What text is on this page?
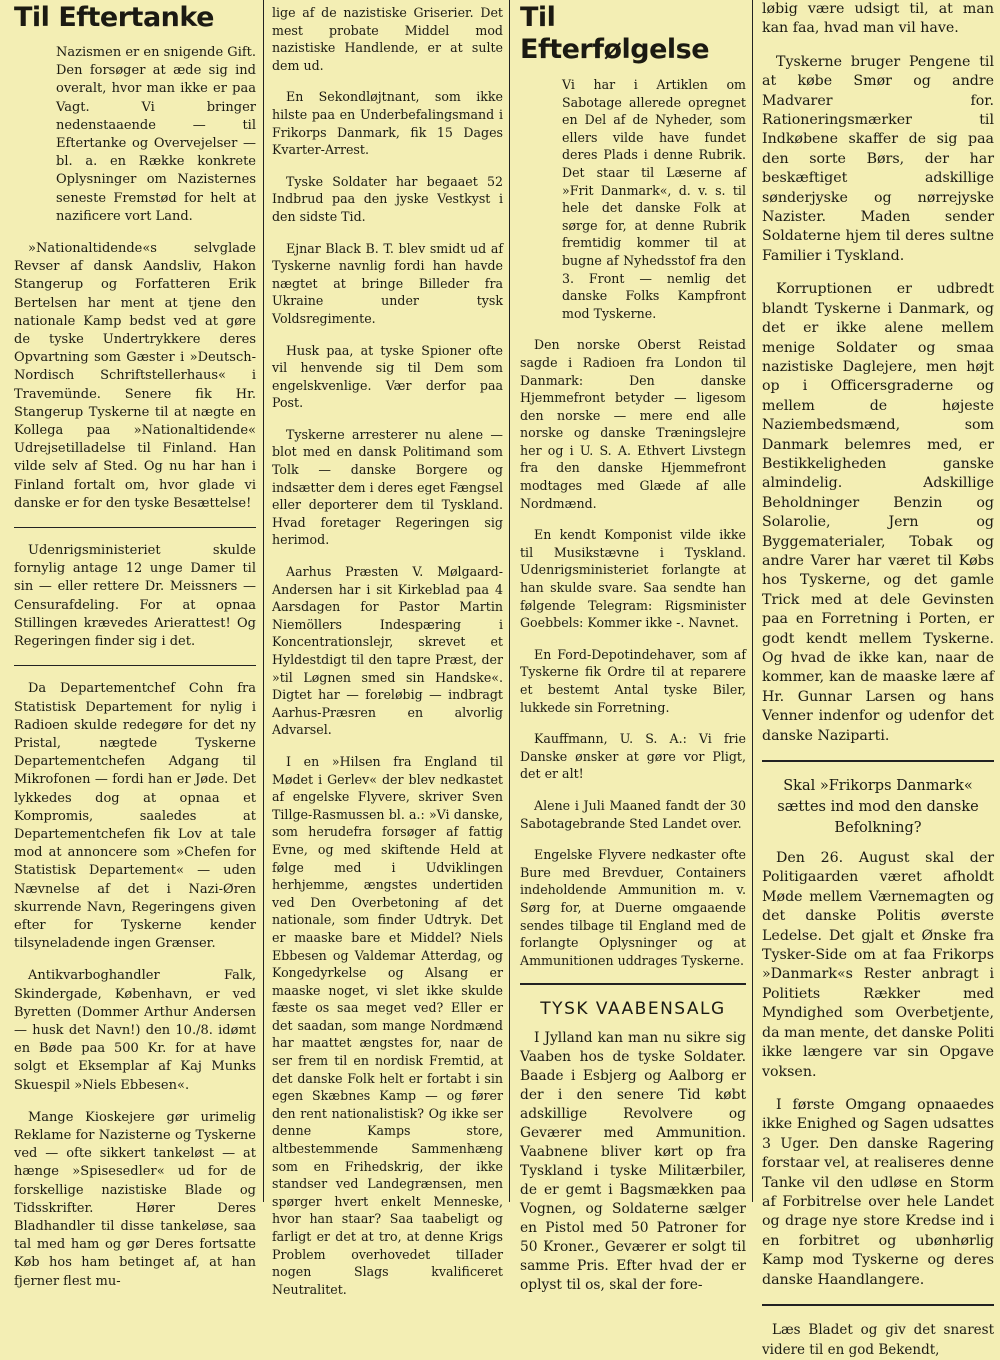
Til Eftertanke

Nazismen er en snigende Gift. Den forsøger at æde sig ind overalt, hvor man ikke er paa Vagt. Vi bringer nedenstaaende — til Eftertanke og Overvejelser — bl. a. en Række konkrete Oplysninger om Nazisternes seneste Fremstød for helt at nazificere vort Land.

»Nationaltidende«s selvglade Revser af dansk Aandsliv, Hakon Stangerup og Forfatteren Erik Bertelsen har ment at tjene den nationale Kamp bedst ved at gøre de tyske Undertrykkere deres Opvartning som Gæster i »Deutsch-Nordisch Schriftstellerhaus« i Travemünde. Senere fik Hr. Stangerup Tyskerne til at nægte en Kollega paa »Nationaltidende« Udrejsetilladelse til Finland. Han vilde selv af Sted. Og nu har han i Finland fortalt om, hvor glade vi danske er for den tyske Besættelse!

Udenrigsministeriet skulde fornylig antage 12 unge Damer til sin — eller rettere Dr. Meissners — Censurafdeling. For at opnaa Stillingen krævedes Arierattest! Og Regeringen finder sig i det.

Da Departementchef Cohn fra Statistisk Departement for nylig i Radioen skulde redegøre for det ny Pristal, nægtede Tyskerne Departementchefen Adgang til Mikrofonen — fordi han er Jøde. Det lykkedes dog at opnaa et Kompromis, saaledes at Departementchefen fik Lov at tale mod at annoncere som »Chefen for Statistisk Departement« — uden Nævnelse af det i Nazi-Øren skurrende Navn, Regeringens given efter for Tyskerne kender tilsyneladende ingen Grænser.

Antikvarboghandler Falk, Skindergade, København, er ved Byretten (Dommer Arthur Andersen — husk det Navn!) den 10./8. idømt en Bøde paa 500 Kr. for at have solgt et Eksemplar af Kaj Munks Skuespil »Niels Ebbesen«.

Mange Kioskejere gør urimelig Reklame for Nazisterne og Tyskerne ved — ofte sikkert tankeløst — at hænge »Spisesedler« ud for de forskellige nazistiske Blade og Tidsskrifter. Hører Deres Bladhandler til disse tankeløse, saa tal med ham og gør Deres fortsatte Køb hos ham betinget af, at han fjerner flest mu-

lige af de nazistiske Griserier. Det mest probate Middel mod nazistiske Handlende, er at sulte dem ud.

En Sekondløjtnant, som ikke hilste paa en Underbefalingsmand i Frikorps Danmark, fik 15 Dages Kvarter-Arrest.

Tyske Soldater har begaaet 52 Indbrud paa den jyske Vestkyst i den sidste Tid.

Ejnar Black B. T. blev smidt ud af Tyskerne navnlig fordi han havde nægtet at bringe Billeder fra Ukraine under tysk Voldsregimente.

Husk paa, at tyske Spioner ofte vil henvende sig til Dem som engelskvenlige. Vær derfor paa Post.

Tyskerne arresterer nu alene — blot med en dansk Politimand som Tolk — danske Borgere og indsætter dem i deres eget Fængsel eller deporterer dem til Tyskland. Hvad foretager Regeringen sig herimod.

Aarhus Præsten V. Mølgaard-Andersen har i sit Kirkeblad paa 4 Aarsdagen for Pastor Martin Niemöllers Indespæring i Koncentrationslejr, skrevet et Hyldestdigt til den tapre Præst, der »til Løgnen smed sin Handske«. Digtet har — foreløbig — indbragt Aarhus-Præsren en alvorlig Advarsel.

I en »Hilsen fra England til Mødet i Gerlev« der blev nedkastet af engelske Flyvere, skriver Sven Tillge-Rasmussen bl. a.: »Vi danske, som herudefra forsøger af fattig Evne, og med skiftende Held at følge med i Udviklingen herhjemme, ængstes undertiden ved Den Overbetoning af det nationale, som finder Udtryk. Det er maaske bare et Middel? Niels Ebbesen og Valdemar Atterdag, og Kongedyrkelse og Alsang er maaske noget, vi slet ikke skulde fæste os saa meget ved? Eller er det saadan, som mange Nordmænd har maattet ængstes for, naar de ser frem til en nordisk Fremtid, at det danske Folk helt er fortabt i sin egen Skæbnes Kamp — og fører den rent nationalistisk? Og ikke ser denne Kamps store, altbestemmende Sammenhæng som en Frihedskrig, der ikke standser ved Landegrænsen, men spørger hvert enkelt Menneske, hvor han staar? Saa taabeligt og farligt er det at tro, at denne Krigs Problem overhovedet tilIader nogen Slags kvalificeret Neutralitet.

Til Efterfølgelse

Vi har i Artiklen om Sabotage allerede opregnet en Del af de Nyheder, som ellers vilde have fundet deres Plads i denne Rubrik. Det staar til Læserne af »Frit Danmark«, d. v. s. til hele det danske Folk at sørge for, at denne Rubrik fremtidig kommer til at bugne af Nyhedsstof fra den 3. Front — nemlig det danske Folks Kampfront mod Tyskerne.

Den norske Oberst Reistad sagde i Radioen fra London til Danmark: Den danske Hjemmefront betyder — ligesom den norske — mere end alle norske og danske Træningslejre her og i U. S. A. Ethvert Livstegn fra den danske Hjemmefront modtages med Glæde af alle Nordmænd.

En kendt Komponist vilde ikke til Musikstævne i Tyskland. Udenrigsministeriet forlangte at han skulde svare. Saa sendte han følgende Telegram: Rigsminister Goebbels: Kommer ikke -. Navnet.

En Ford-Depotindehaver, som af Tyskerne fik Ordre til at reparere et bestemt Antal tyske Biler, lukkede sin Forretning.

Kauffmann, U. S. A.: Vi frie Danske ønsker at gøre vor Pligt, det er alt!

Alene i Juli Maaned fandt der 30 Sabotagebrande Sted Landet over.

Engelske Flyvere nedkaster ofte Bure med Brevduer, Containers indeholdende Ammunition m. v. Sørg for, at Duerne omgaaende sendes tilbage til England med de forlangte Oplysninger og at Ammunitionen uddrages Tyskerne.

TYSK VAABENSALG

I Jylland kan man nu sikre sig Vaaben hos de tyske Soldater. Baade i Esbjerg og Aalborg er der i den senere Tid købt adskillige Revolvere og Geværer med Ammunition. Vaabnene bliver kørt op fra Tyskland i tyske Militærbiler, de er gemt i Bagsmækken paa Vognen, og Soldaterne sælger en Pistol med 50 Patroner for 50 Kroner., Geværer er solgt til samme Pris. Efter hvad der er oplyst til os, skal der fore-

løbig være udsigt til, at man kan faa, hvad man vil have.

Tyskerne bruger Pengene til at købe Smør og andre Madvarer for. Rationeringsmærker til Indkøbene skaffer de sig paa den sorte Børs, der har beskæftiget adskillige sønderjyske og nørrejyske Nazister. Maden sender Soldaterne hjem til deres sultne Familier i Tyskland.

Korruptionen er udbredt blandt Tyskerne i Danmark, og det er ikke alene mellem menige Soldater og smaa nazistiske Daglejere, men højt op i Officersgraderne og mellem de højeste Naziembedsmænd, som Danmark belemres med, er Bestikkeligheden ganske almindelig. Adskillige Beholdninger Benzin og Solarolie, Jern og Byggematerialer, Tobak og andre Varer har været til Købs hos Tyskerne, og det gamle Trick med at dele Gevinsten paa en Forretning i Porten, er godt kendt mellem Tyskerne. Og hvad de ikke kan, naar de kommer, kan de maaske lære af Hr. Gunnar Larsen og hans Venner indenfor og udenfor det danske Naziparti.

Skal »Frikorps Danmark« sættes ind mod den danske Befolkning?

Den 26. August skal der Politigaarden været afholdt Møde mellem Værnemagten og det danske Politis øverste Ledelse. Det gjalt et Ønske fra Tysker-Side om at faa Frikorps »Danmark«s Rester anbragt i Politiets Rækker med Myndighed som Overbetjente, da man mente, det danske Politi ikke længere var sin Opgave voksen.

I første Omgang opnaaedes ikke Enighed og Sagen udsattes 3 Uger. Den danske Ragering forstaar vel, at realiseres denne Tanke vil den udløse en Storm af Forbitrelse over hele Landet og drage nye store Kredse ind i en forbitret og ubønhørlig Kamp mod Tyskerne og deres danske Haandlangere.

Læs Bladet og giv det snarest videre til en god Bekendt,
